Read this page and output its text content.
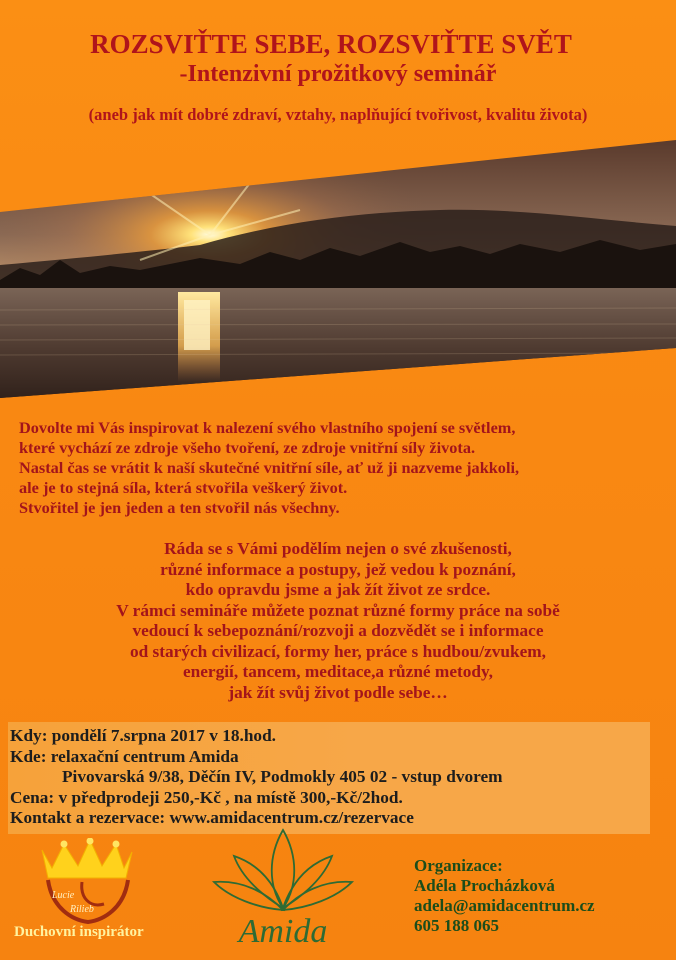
ROZSVIŤTE SEBE, ROZSVIŤTE SVĚT
-Intenzivní prožitkový seminář
(aneb jak mít dobré zdraví, vztahy, naplňující tvořivost, kvalitu života)
Dovolte mi Vás inspirovat k nalezení svého vlastního spojení se světlem,
které vychází ze zdroje všeho tvoření, ze zdroje vnitřní síly života.
Nastal čas se vrátit k naší skutečné vnitřní síle, ať už ji nazveme jakkoli,
ale je to stejná síla, která stvořila veškerý život.
Stvořitel je jen jeden a ten stvořil nás všechny.
Ráda se s Vámi podělím nejen o své zkušenosti,
různé informace a postupy, jež vedou k poznání,
kdo opravdu jsme a jak žít život ze srdce.
V rámci semináře můžete poznat různé formy práce na sobě
vedoucí k sebepoznání/rozvoji a dozvědět se i informace
od starých civilizací, formy her, práce s hudbou/zvukem,
energií, tancem, meditace,a různé metody,
jak žít svůj život podle sebe…
Kdy: pondělí 7.srpna 2017 v 18.hod.
Kde: relaxační centrum Amida
Pivovarská 9/38, Děčín IV, Podmokly 405 02 - vstup dvorem
Cena: v předprodeji 250,-Kč , na místě 300,-Kč/2hod.
Kontakt a rezervace: www.amidacentrum.cz/rezervace
Lucie
Rilieb
Duchovní inspirátor	Amida
Organizace:
Adéla Procházková
adela@amidacentrum.cz
605 188 065
